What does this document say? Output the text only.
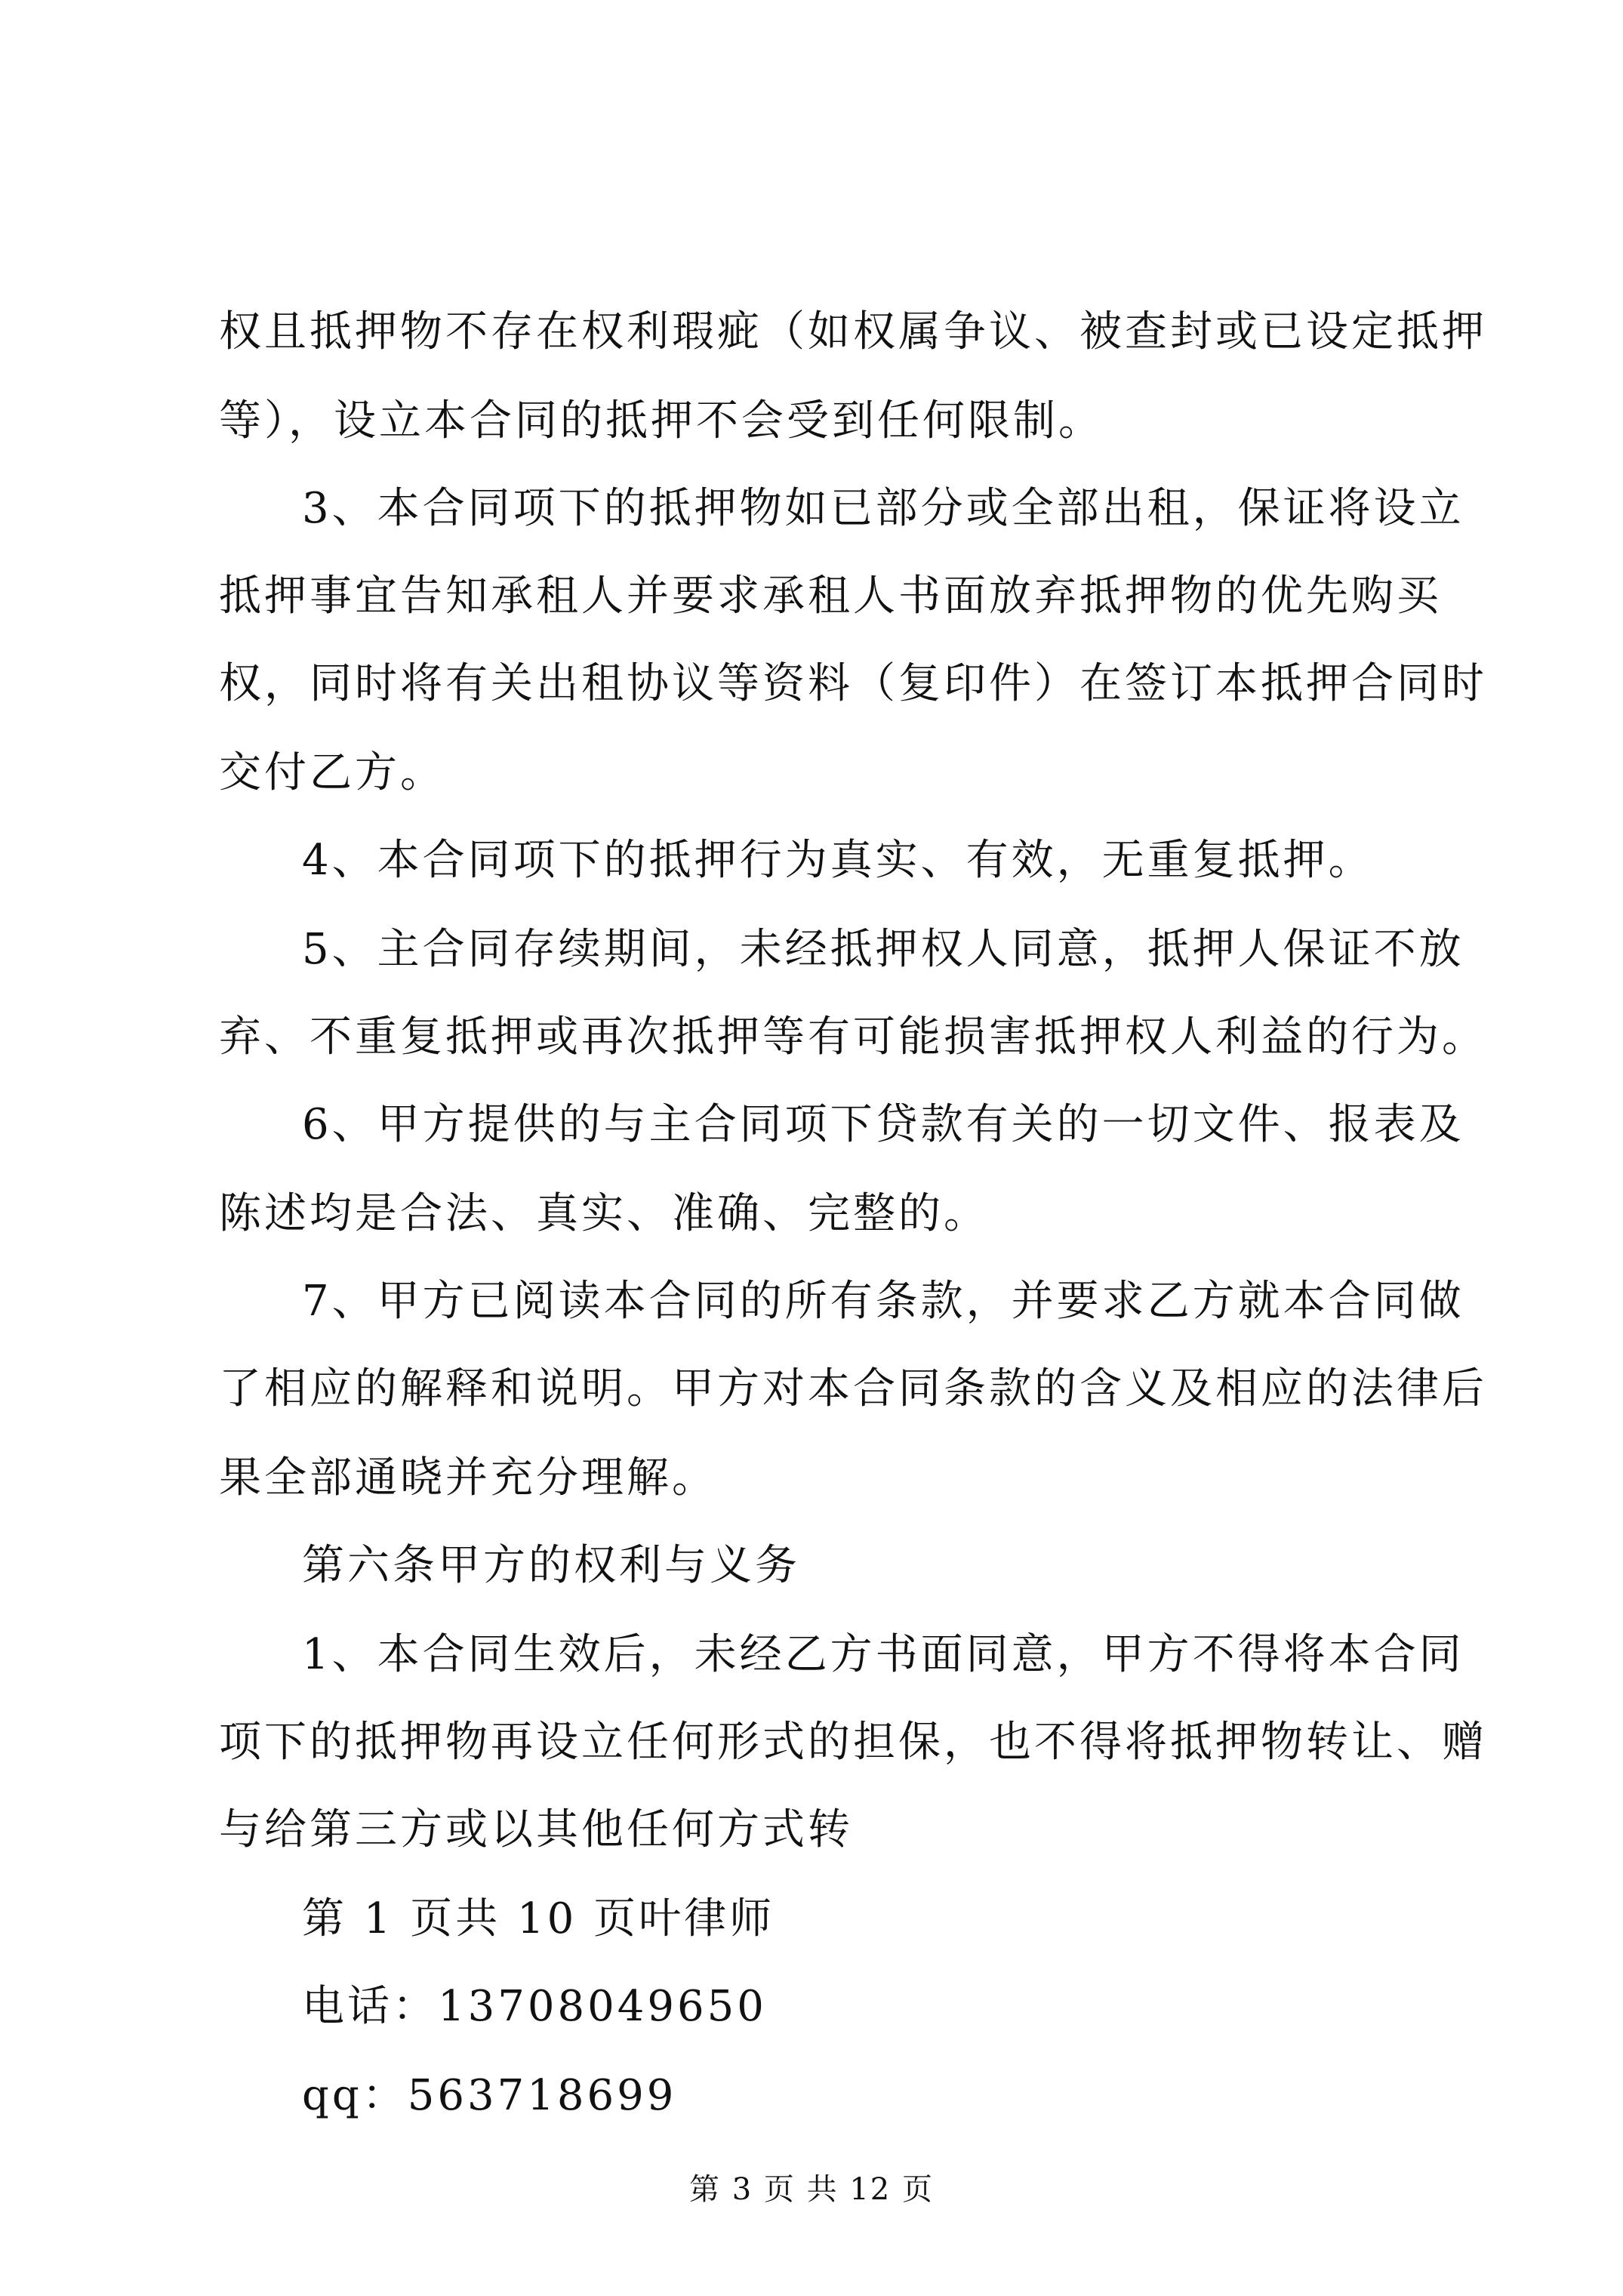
权且抵押物不存在权利瑕疵（如权属争议、被查封或已设定抵押
等），设立本合同的抵押不会受到任何限制。
3、本合同项下的抵押物如已部分或全部出租，保证将设立
抵押事宜告知承租人并要求承租人书面放弃抵押物的优先购买
权，同时将有关出租协议等资料（复印件）在签订本抵押合同时
交付乙方。
4、本合同项下的抵押行为真实、有效，无重复抵押。
5、主合同存续期间，未经抵押权人同意，抵押人保证不放
弃、不重复抵押或再次抵押等有可能损害抵押权人利益的行为。
6、甲方提供的与主合同项下贷款有关的一切文件、报表及
陈述均是合法、真实、准确、完整的。
7、甲方已阅读本合同的所有条款，并要求乙方就本合同做
了相应的解释和说明。甲方对本合同条款的含义及相应的法律后
果全部通晓并充分理解。
第六条甲方的权利与义务
1、本合同生效后，未经乙方书面同意，甲方不得将本合同
项下的抵押物再设立任何形式的担保，也不得将抵押物转让、赠
与给第三方或以其他任何方式转
第 1 页共 10 页叶律师
电话：13708049650
qq：563718699
第 3 页 共 12 页
